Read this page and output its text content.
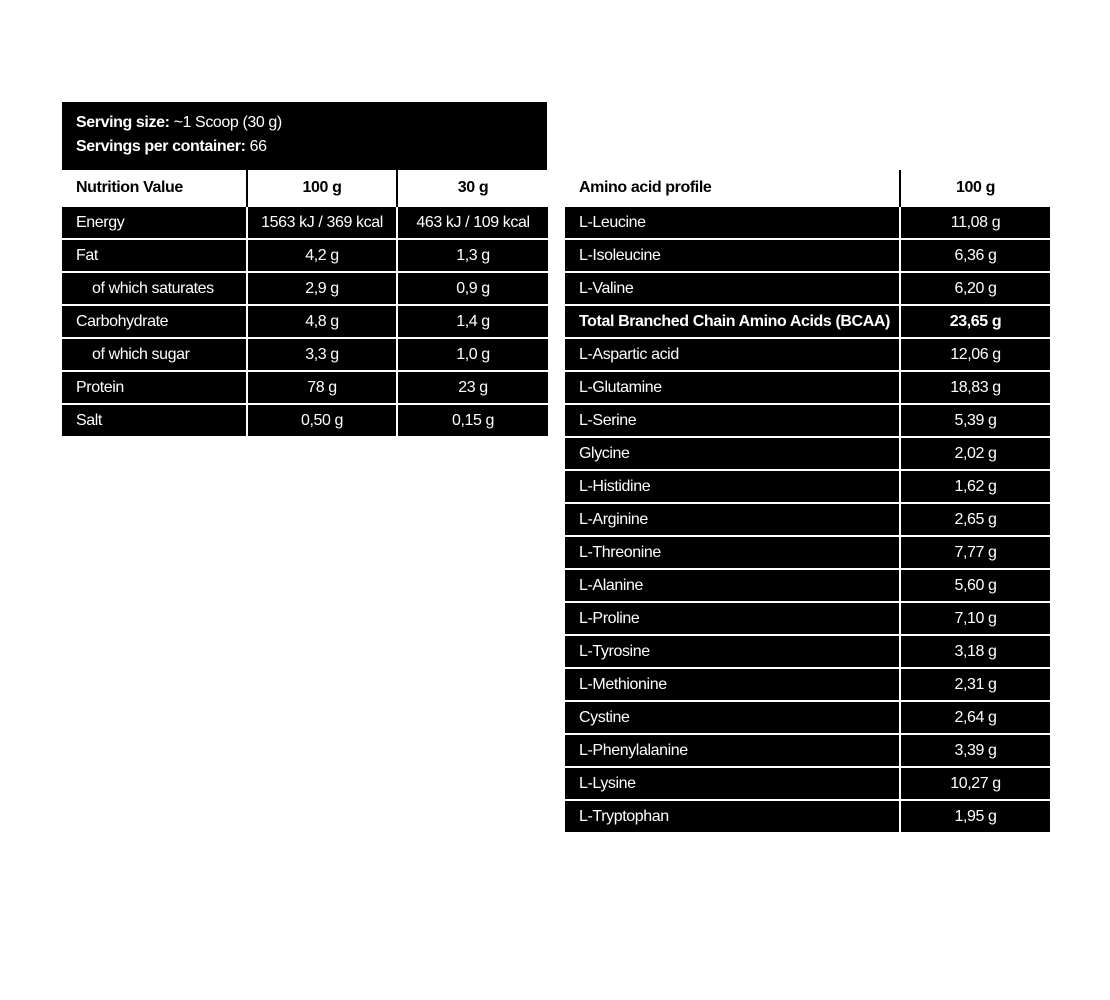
Serving size: ~1 Scoop (30 g)
Servings per container: 66
Nutrition Value	100 g	30 g
Energy	1563 kJ / 369 kcal	463 kJ / 109 kcal
Fat	4,2 g	1,3 g
of which saturates	2,9 g	0,9 g
Carbohydrate	4,8 g	1,4 g
of which sugar	3,3 g	1,0 g
Protein	78 g	23 g
Salt	0,50 g	0,15 g
Amino acid profile	100 g
L-Leucine	11,08 g
L-Isoleucine	6,36 g
L-Valine	6,20 g
Total Branched Chain Amino Acids (BCAA)	23,65 g
L-Aspartic acid	12,06 g
L-Glutamine	18,83 g
L-Serine	5,39 g
Glycine	2,02 g
L-Histidine	1,62 g
L-Arginine	2,65 g
L-Threonine	7,77 g
L-Alanine	5,60 g
L-Proline	7,10 g
L-Tyrosine	3,18 g
L-Methionine	2,31 g
Cystine	2,64 g
L-Phenylalanine	3,39 g
L-Lysine	10,27 g
L-Tryptophan	1,95 g
